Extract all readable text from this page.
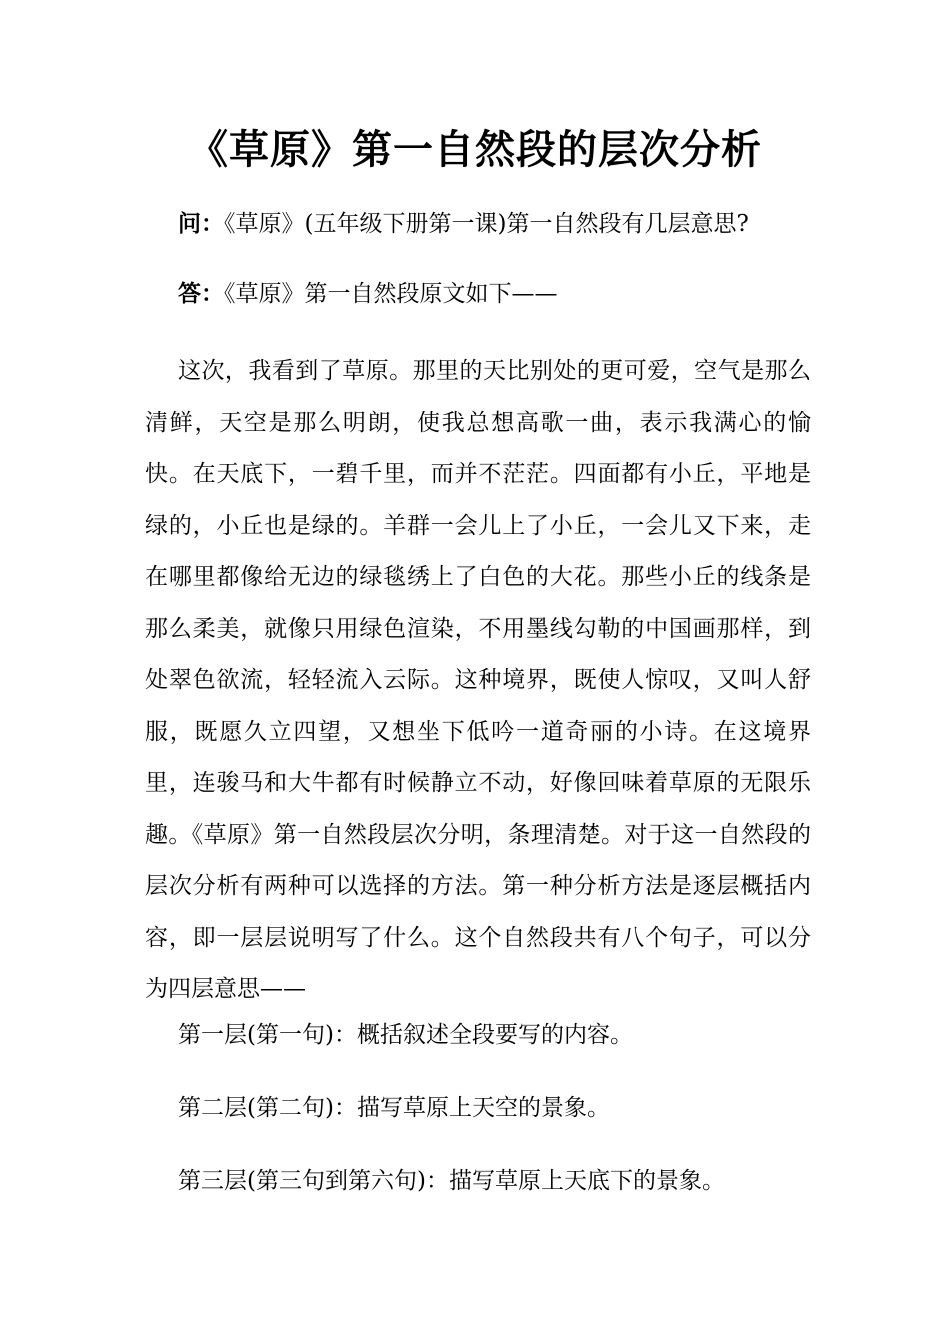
《草原》第一自然段的层次分析
问：《草原》(五年级下册第一课)第一自然段有几层意思?
答：《草原》第一自然段原文如下——

这次，我看到了草原。那里的天比别处的更可爱，空气是那么清鲜，天空是那么明朗，使我总想高歌一曲，表示我满心的愉快。在天底下，一碧千里，而并不茫茫。四面都有小丘，平地是绿的，小丘也是绿的。羊群一会儿上了小丘，一会儿又下来，走在哪里都像给无边的绿毯绣上了白色的大花。那些小丘的线条是那么柔美，就像只用绿色渲染，不用墨线勾勒的中国画那样，到处翠色欲流，轻轻流入云际。这种境界，既使人惊叹，又叫人舒服，既愿久立四望，又想坐下低吟一道奇丽的小诗。在这境界里，连骏马和大牛都有时候静立不动，好像回味着草原的无限乐趣。《草原》第一自然段层次分明，条理清楚。对于这一自然段的层次分析有两种可以选择的方法。第一种分析方法是逐层概括内容，即一层层说明写了什么。这个自然段共有八个句子，可以分为四层意思——

第一层(第一句)：概括叙述全段要写的内容。
第二层(第二句)：描写草原上天空的景象。
第三层(第三句到第六句)：描写草原上天底下的景象。
